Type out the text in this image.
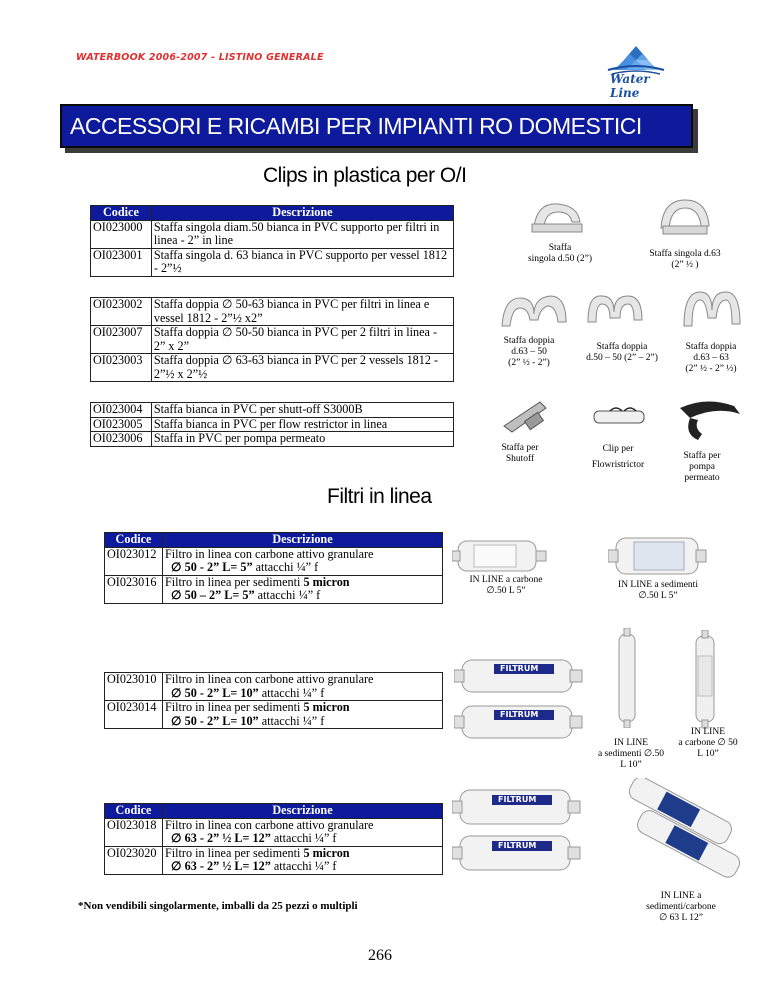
WATERBOOK 2006-2007 - LISTINO GENERALE
Water Line
ACCESSORI E RICAMBI PER IMPIANTI RO DOMESTICI
Clips in plastica per O/I
Codice	Descrizione
OI023000	Staffa singola diam.50 bianca in PVC supporto per filtri in linea - 2” in line
OI023001	Staffa singola d. 63 bianca in PVC supporto per vessel 1812 - 2”½
OI023002	Staffa doppia ∅ 50-63 bianca in PVC per filtri in linea e vessel 1812 - 2”½ x2”
OI023007	Staffa doppia ∅ 50-50 bianca in PVC per 2 filtri in linea - 2” x 2”
OI023003	Staffa doppia ∅ 63-63 bianca in PVC per 2 vessels 1812 - 2”½ x 2”½
OI023004	Staffa bianca in PVC per shutt-off S3000B
OI023005	Staffa bianca in PVC per flow restrictor in linea
OI023006	Staffa in PVC per pompa permeato
Staffa
singola d.50 (2”)	Staffa singola d.63
(2” ½ )
Staffa doppia
d.63 – 50
(2” ½ - 2”)
Staffa doppia
d.50 – 50 (2” – 2”)
Staffa doppia
d.63 – 63
(2” ½ - 2” ½)
Staffa per
Shutoff
Clip per
Flowristrictor
Staffa per
pompa
permeato
Filtri in linea
Codice	Descrizione
OI023012	Filtro in linea con carbone attivo granulare
∅ 50 - 2” L= 5” attacchi ¼” f

OI023016	Filtro in linea per sedimenti 5 micron
∅ 50 – 2” L= 5” attacchi ¼” f
OI023010	Filtro in linea con carbone attivo granulare
∅ 50 - 2” L= 10” attacchi ¼” f

OI023014	Filtro in linea per sedimenti 5 micron
∅ 50 - 2” L= 10” attacchi ¼” f
Codice	Descrizione
OI023018	Filtro in linea con carbone attivo granulare
∅ 63 - 2” ½ L= 12” attacchi ¼” f

OI023020	Filtro in linea per sedimenti 5 micron
∅ 63 - 2” ½ L= 12” attacchi ¼” f
FILTRUM
FILTRUM
FILTRUM
FILTRUM
IN LINE a carbone
∅.50 L 5”
IN LINE a sedimenti
∅.50 L 5”
IN LINE
a sedimenti ∅.50
L 10”
IN LINE
a carbone ∅ 50
L 10”
IN LINE a
sedimenti/carbone
∅ 63 L 12”
*Non vendibili singolarmente, imballi da 25 pezzi o multipli
266
